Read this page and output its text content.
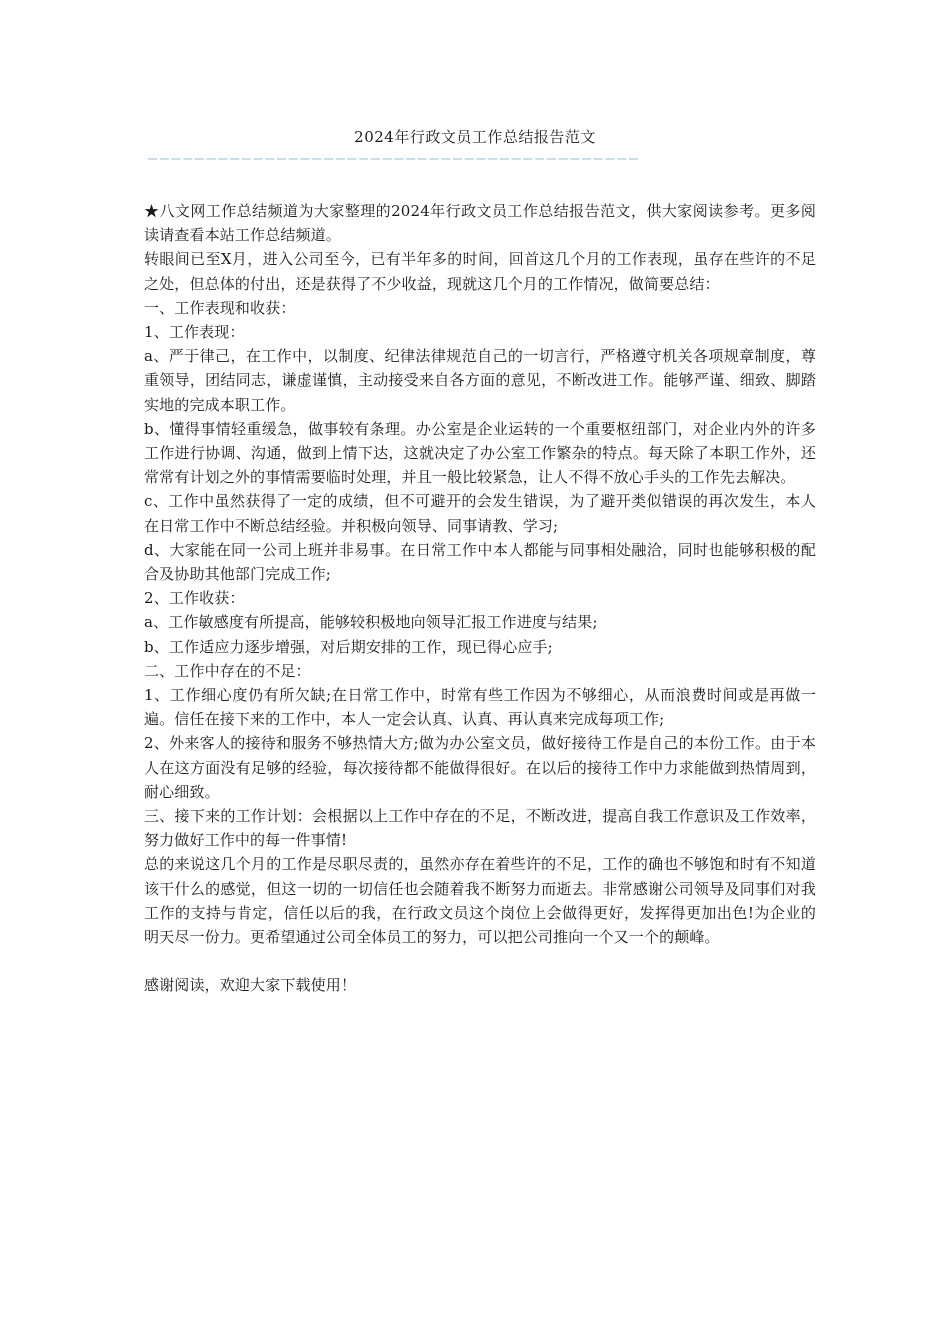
2024年行政文员工作总结报告范文
——————————————————————————————————————————

★八文网工作总结频道为大家整理的2024年行政文员工作总结报告范文，供大家阅读参考。更多阅读请查看本站工作总结频道。

转眼间已至X月，进入公司至今，已有半年多的时间，回首这几个月的工作表现，虽存在些许的不足之处，但总体的付出，还是获得了不少收益，现就这几个月的工作情况，做简要总结：

一、工作表现和收获：

1、工作表现：

a、严于律己，在工作中，以制度、纪律法律规范自己的一切言行，严格遵守机关各项规章制度，尊重领导，团结同志，谦虚谨慎，主动接受来自各方面的意见，不断改进工作。能够严谨、细致、脚踏实地的完成本职工作。

b、懂得事情轻重缓急，做事较有条理。办公室是企业运转的一个重要枢纽部门，对企业内外的许多工作进行协调、沟通，做到上情下达，这就决定了办公室工作繁杂的特点。每天除了本职工作外，还常常有计划之外的事情需要临时处理，并且一般比较紧急，让人不得不放心手头的工作先去解决。

c、工作中虽然获得了一定的成绩，但不可避开的会发生错误，为了避开类似错误的再次发生，本人在日常工作中不断总结经验。并积极向领导、同事请教、学习;

d、大家能在同一公司上班并非易事。在日常工作中本人都能与同事相处融洽，同时也能够积极的配合及协助其他部门完成工作;

2、工作收获：

a、工作敏感度有所提高，能够较积极地向领导汇报工作进度与结果;

b、工作适应力逐步增强，对后期安排的工作，现已得心应手;

二、工作中存在的不足：

1、工作细心度仍有所欠缺;在日常工作中，时常有些工作因为不够细心，从而浪费时间或是再做一遍。信任在接下来的工作中，本人一定会认真、认真、再认真来完成每项工作;

2、外来客人的接待和服务不够热情大方;做为办公室文员，做好接待工作是自己的本份工作。由于本人在这方面没有足够的经验，每次接待都不能做得很好。在以后的接待工作中力求能做到热情周到，耐心细致。

三、接下来的工作计划：会根据以上工作中存在的不足，不断改进，提高自我工作意识及工作效率，努力做好工作中的每一件事情!

总的来说这几个月的工作是尽职尽责的，虽然亦存在着些许的不足，工作的确也不够饱和时有不知道该干什么的感觉，但这一切的一切信任也会随着我不断努力而逝去。非常感谢公司领导及同事们对我工作的支持与肯定，信任以后的我，在行政文员这个岗位上会做得更好，发挥得更加出色!为企业的明天尽一份力。更希望通过公司全体员工的努力，可以把公司推向一个又一个的颠峰。

感谢阅读，欢迎大家下载使用！
